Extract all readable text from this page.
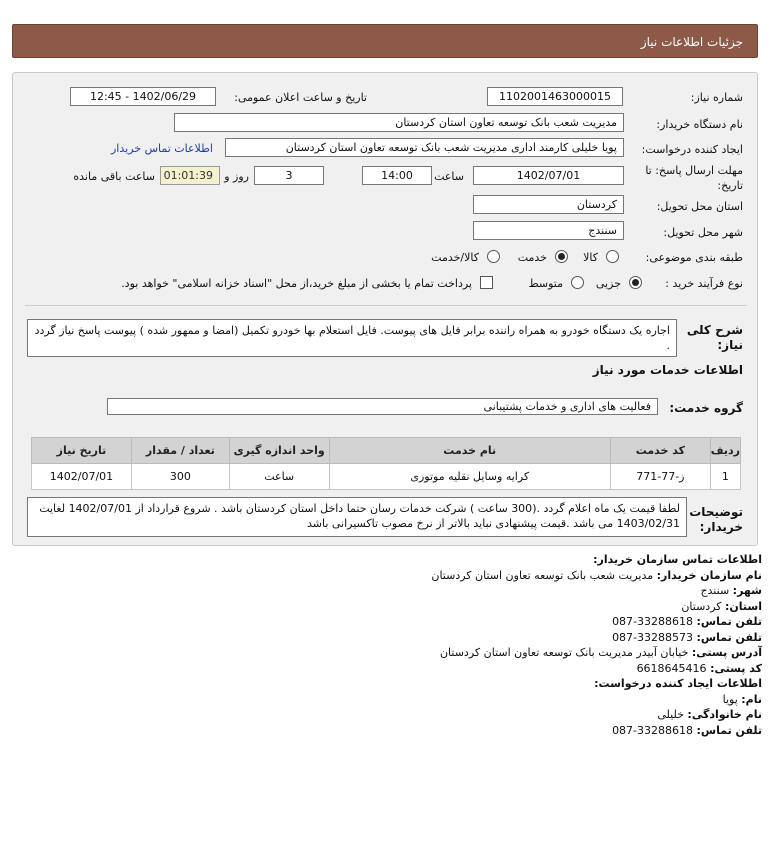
جزئیات اطلاعات نیاز
شماره نیاز:
1102001463000015
تاریخ و ساعت اعلان عمومی:
1402/06/29 - 12:45
نام دستگاه خریدار:
مدیریت شعب بانک توسعه تعاون استان کردستان
ایجاد کننده درخواست:
پویا خلیلی کارمند اداری مدیریت شعب بانک توسعه تعاون استان کردستان
اطلاعات تماس خریدار
مهلت ارسال پاسخ: تا
تاریخ:
1402/07/01
ساعت
14:00
3
روز و
01:01:39
ساعت باقی مانده
استان محل تحویل:
کردستان
شهر محل تحویل:
سنندج
طبقه بندی موضوعی:
کالا
خدمت
کالا/خدمت
نوع فرآیند خرید :
جزیی
متوسط
پرداخت تمام یا بخشی از مبلغ خرید،از محل "اسناد خزانه اسلامی" خواهد بود.
شرح کلی
نیاز:
اجاره یک دستگاه خودرو به همراه راننده برابر فایل های پیوست. فایل استعلام بها خودرو تکمیل (امضا و ممهور شده ) پیوست پاسخ نیاز گردد .
اطلاعات خدمات مورد نیاز
گروه خدمت:
فعالیت های اداری و خدمات پشتیبانی
ردیف	کد خدمت	نام خدمت	واحد اندازه گیری	تعداد / مقدار	تاریخ نیاز
1	ز-77-771	کرایه وسایل نقلیه موتوری	ساعت	300	1402/07/01
توضیحات
خریدار:
لطفا قیمت یک ماه اعلام گردد .(300 ساعت ) شرکت خدمات رسان حتما داخل استان کردستان باشد . شروع قرارداد از 1402/07/01 لغایت 1403/02/31 می باشد .قیمت پیشنهادی نباید بالاتر از نرخ مصوب تاکسیرانی باشد
اطلاعات تماس سازمان خریدار:
نام سازمان خریدار: مدیریت شعب بانک توسعه تعاون استان کردستان
شهر: سنندج
استان: کردستان
تلفن تماس: 087-33288618
تلفن تماس: 087-33288573
آدرس پستی: خیابان آبیدر مدیریت بانک توسعه تعاون استان کردستان
کد پستی: 6618645416
اطلاعات ایجاد کننده درخواست:
نام: پویا
نام خانوادگی: خلیلی
تلفن تماس: 087-33288618
